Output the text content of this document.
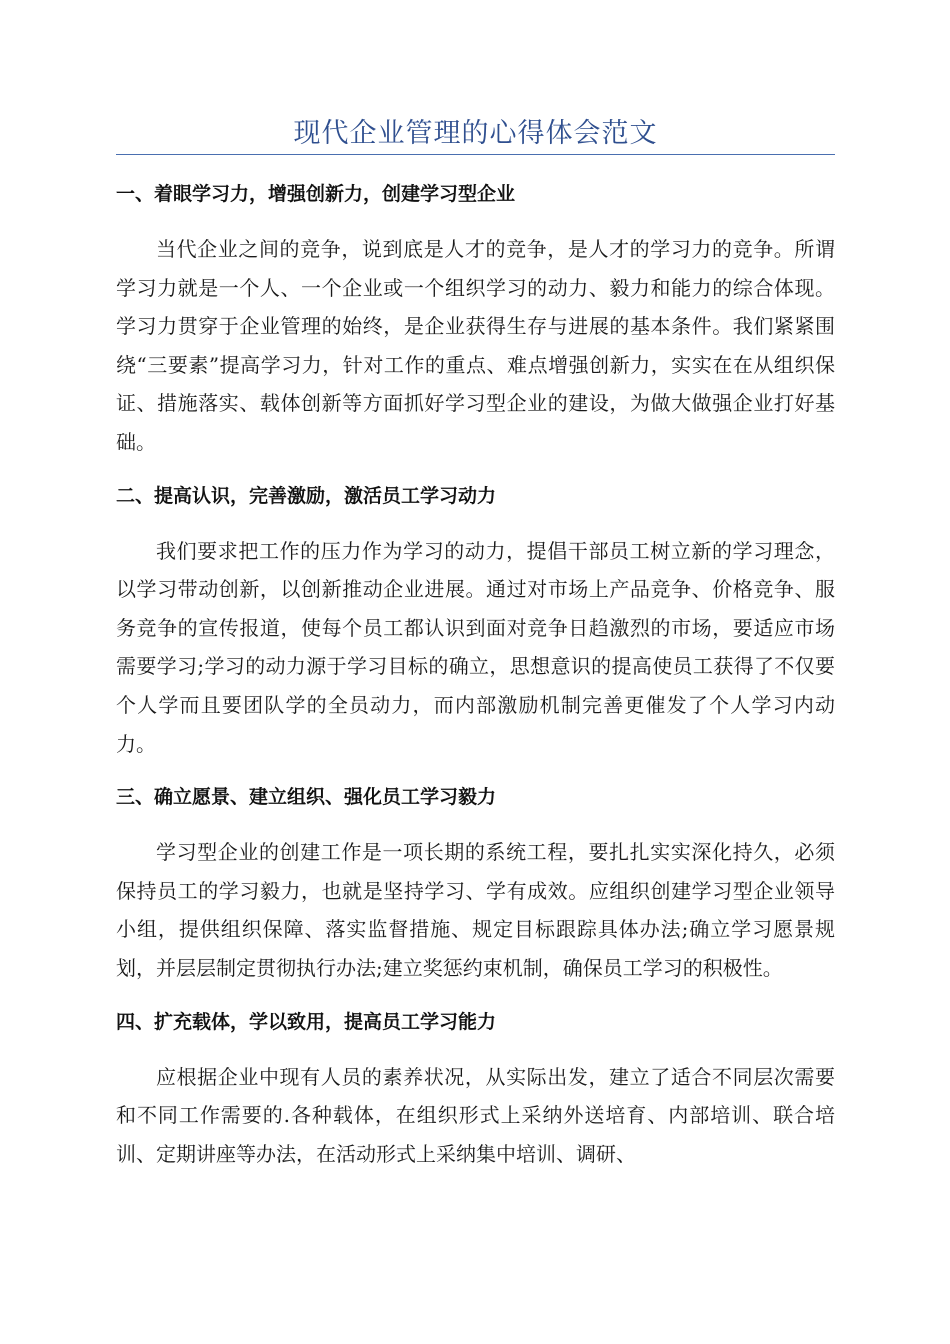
现代企业管理的心得体会范文
一、着眼学习力，增强创新力，创建学习型企业

当代企业之间的竞争，说到底是人才的竞争，是人才的学习力的竞争。所谓学习力就是一个人、一个企业或一个组织学习的动力、毅力和能力的综合体现。学习力贯穿于企业管理的始终，是企业获得生存与进展的基本条件。我们紧紧围绕“三要素”提高学习力，针对工作的重点、难点增强创新力，实实在在从组织保证、措施落实、载体创新等方面抓好学习型企业的建设，为做大做强企业打好基础。

二、提高认识，完善激励，激活员工学习动力

我们要求把工作的压力作为学习的动力，提倡干部员工树立新的学习理念，以学习带动创新，以创新推动企业进展。通过对市场上产品竞争、价格竞争、服务竞争的宣传报道，使每个员工都认识到面对竞争日趋激烈的市场，要适应市场需要学习;学习的动力源于学习目标的确立，思想意识的提高使员工获得了不仅要个人学而且要团队学的全员动力，而内部激励机制完善更催发了个人学习内动力。

三、确立愿景、建立组织、强化员工学习毅力

学习型企业的创建工作是一项长期的系统工程，要扎扎实实深化持久，必须保持员工的学习毅力，也就是坚持学习、学有成效。应组织创建学习型企业领导小组，提供组织保障、落实监督措施、规定目标跟踪具体办法;确立学习愿景规划，并层层制定贯彻执行办法;建立奖惩约束机制，确保员工学习的积极性。

四、扩充载体，学以致用，提高员工学习能力

应根据企业中现有人员的素养状况，从实际出发，建立了适合不同层次需要和不同工作需要的.各种载体，在组织形式上采纳外送培育、内部培训、联合培训、定期讲座等办法，在活动形式上采纳集中培训、调研、
